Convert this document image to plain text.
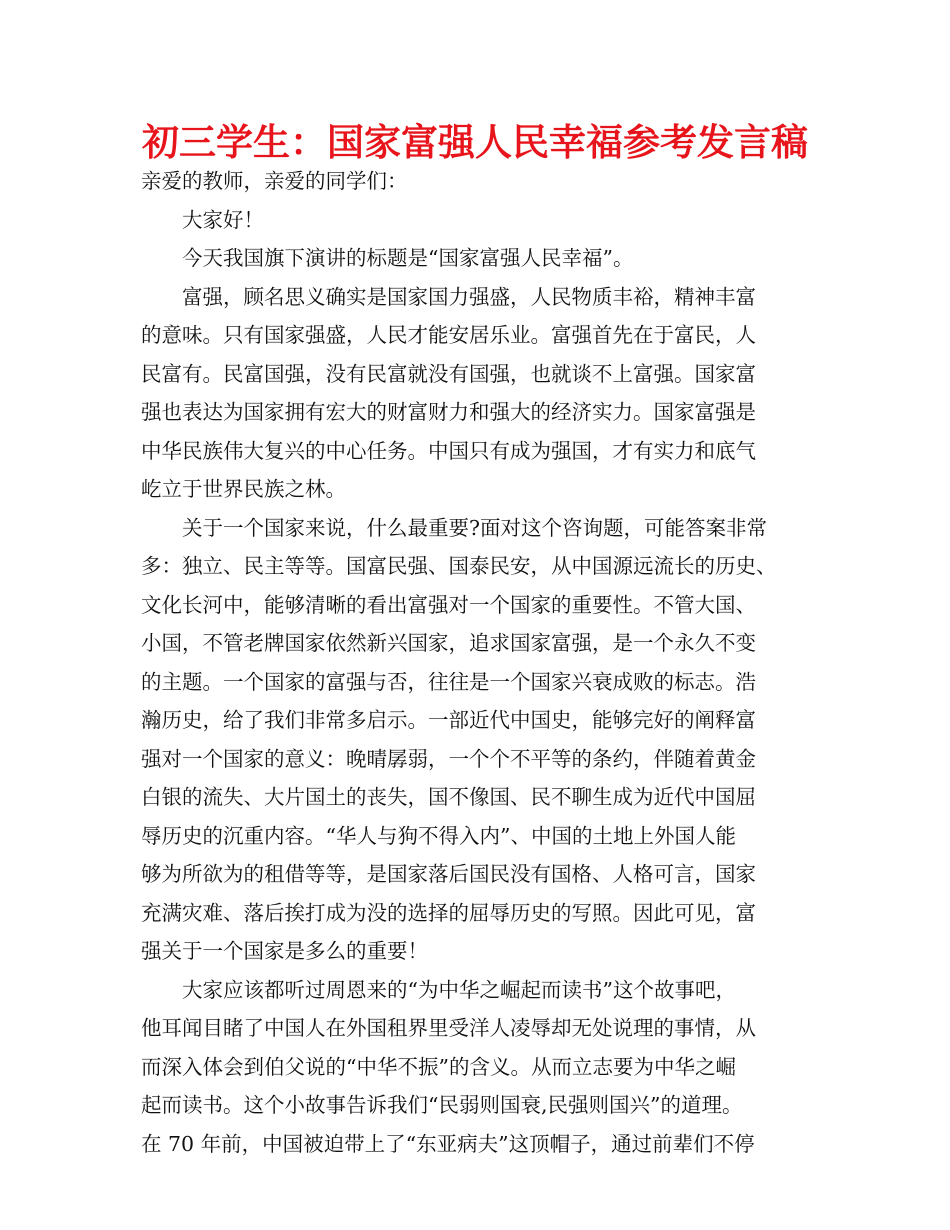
初三学生：国家富强人民幸福参考发言稿
亲爱的教师，亲爱的同学们：
大家好！
今天我国旗下演讲的标题是“国家富强人民幸福”。
富强，顾名思义确实是国家国力强盛，人民物质丰裕，精神丰富
的意味。只有国家强盛，人民才能安居乐业。富强首先在于富民，人
民富有。民富国强，没有民富就没有国强，也就谈不上富强。国家富
强也表达为国家拥有宏大的财富财力和强大的经济实力。国家富强是
中华民族伟大复兴的中心任务。中国只有成为强国，才有实力和底气
屹立于世界民族之林。
关于一个国家来说，什么最重要?面对这个咨询题，可能答案非常
多：独立、民主等等。国富民强、国泰民安，从中国源远流长的历史、
文化长河中，能够清晰的看出富强对一个国家的重要性。不管大国、
小国，不管老牌国家依然新兴国家，追求国家富强，是一个永久不变
的主题。一个国家的富强与否，往往是一个国家兴衰成败的标志。浩
瀚历史，给了我们非常多启示。一部近代中国史，能够完好的阐释富
强对一个国家的意义：晚晴孱弱，一个个不平等的条约，伴随着黄金
白银的流失、大片国土的丧失，国不像国、民不聊生成为近代中国屈
辱历史的沉重内容。“华人与狗不得入内”、中国的土地上外国人能
够为所欲为的租借等等，是国家落后国民没有国格、人格可言，国家
充满灾难、落后挨打成为没的选择的屈辱历史的写照。因此可见，富
强关于一个国家是多么的重要！
大家应该都听过周恩来的“为中华之崛起而读书”这个故事吧，
他耳闻目睹了中国人在外国租界里受洋人凌辱却无处说理的事情，从
而深入体会到伯父说的“中华不振”的含义。从而立志要为中华之崛
起而读书。这个小故事告诉我们“民弱则国衰,民强则国兴”的道理。
在 70 年前，中国被迫带上了“东亚病夫”这顶帽子，通过前辈们不停
